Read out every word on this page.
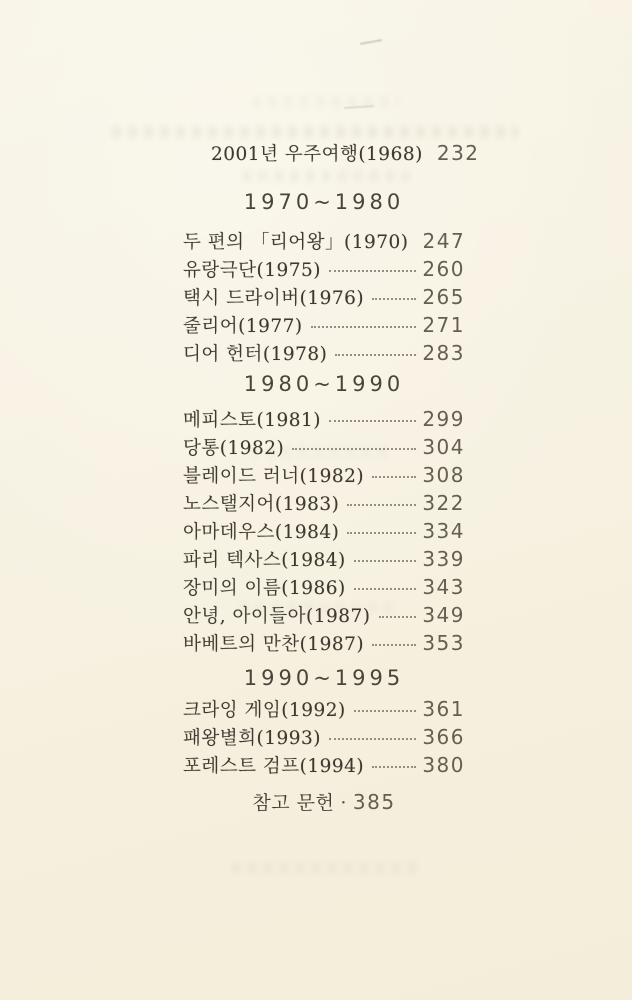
2001년 우주여행(1968) 232
1970~1980
두 편의 「리어왕」(1970) 247
유랑극단(1975)	260
택시 드라이버(1976)	265
줄리어(1977)	271
디어 헌터(1978)	283
1980~1990
메피스토(1981)	299
당통(1982)	304
블레이드 러너(1982)	308
노스탤지어(1983)	322
아마데우스(1984)	334
파리 텍사스(1984)	339
장미의 이름(1986)	343
안녕, 아이들아(1987)	349
바베트의 만찬(1987)	353
1990~1995
크라잉 게임(1992)	361
패왕별희(1993)	366
포레스트 검프(1994)	380
참고 문헌 · 385
